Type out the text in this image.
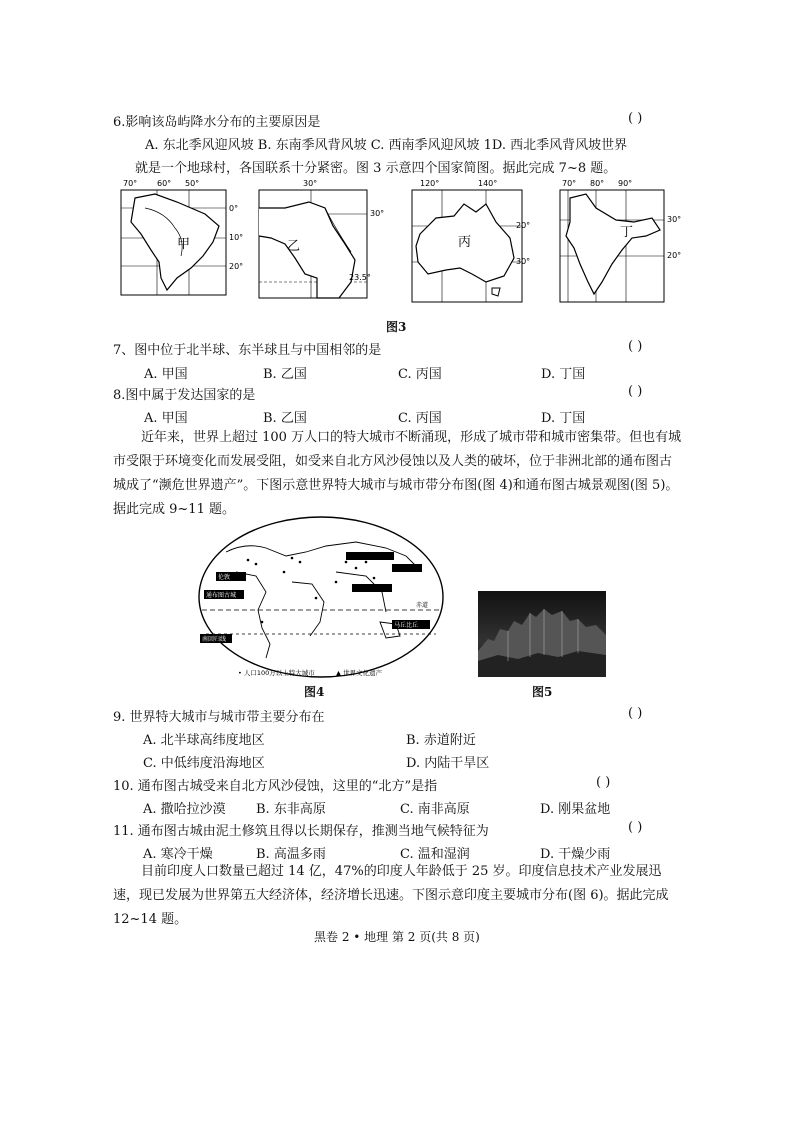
6.影响该岛屿降水分布的主要原因是	( )
A. 东北季风迎风坡 B. 东南季风背风坡 C. 西南季风迎风坡 1D. 西北季风背风坡世界
就是一个地球村，各国联系十分紧密。图 3 示意四个国家简图。据此完成 7~8 题。
70° 60° 50°
0°
10°
20°
甲
30°
30°
23.5°
乙
120°	140°
20°
30°
丙
70° 80° 90°
30°
20°
丁
图3
7、图中位于北半球、东半球且与中国相邻的是	( )
A. 甲国	B. 乙国	C. 丙国	D. 丁国
8.图中属于发达国家的是	( )
A. 甲国	B. 乙国	C. 丙国	D. 丁国
近年来，世界上超过 100 万人口的特大城市不断涌现，形成了城市带和城市密集带。但也有城市受限于环境变化而发展受阻，如受来自北方风沙侵蚀以及人类的破坏，位于非洲北部的通布图古城成了“濒危世界遗产”。下图示意世界特大城市与城市带分布图(图 4)和通布图古城景观图(图 5)。据此完成 9~11 题。
伦敦
通布图古城
南回归线
赤道
马丘比丘
• 人口100万以上特大城市	▲ 世界文化遗产
图4	图5
9. 世界特大城市与城市带主要分布在	( )
A. 北半球高纬度地区	B. 赤道附近
C. 中低纬度沿海地区	D. 内陆干旱区
10. 通布图古城受来自北方风沙侵蚀，这里的“北方”是指	( )
A. 撒哈拉沙漠 B. 东非高原	C. 南非高原	D. 刚果盆地
11. 通布图古城由泥土修筑且得以长期保存，推测当地气候特征为	( )
A. 寒冷干燥	B. 高温多雨	C. 温和湿润	D. 干燥少雨
目前印度人口数量已超过 14 亿，47%的印度人年龄低于 25 岁。印度信息技术产业发展迅速，现已发展为世界第五大经济体，经济增长迅速。下图示意印度主要城市分布(图 6)。据此完成 12~14 题。
黑卷 2 • 地理 第 2 页(共 8 页)
